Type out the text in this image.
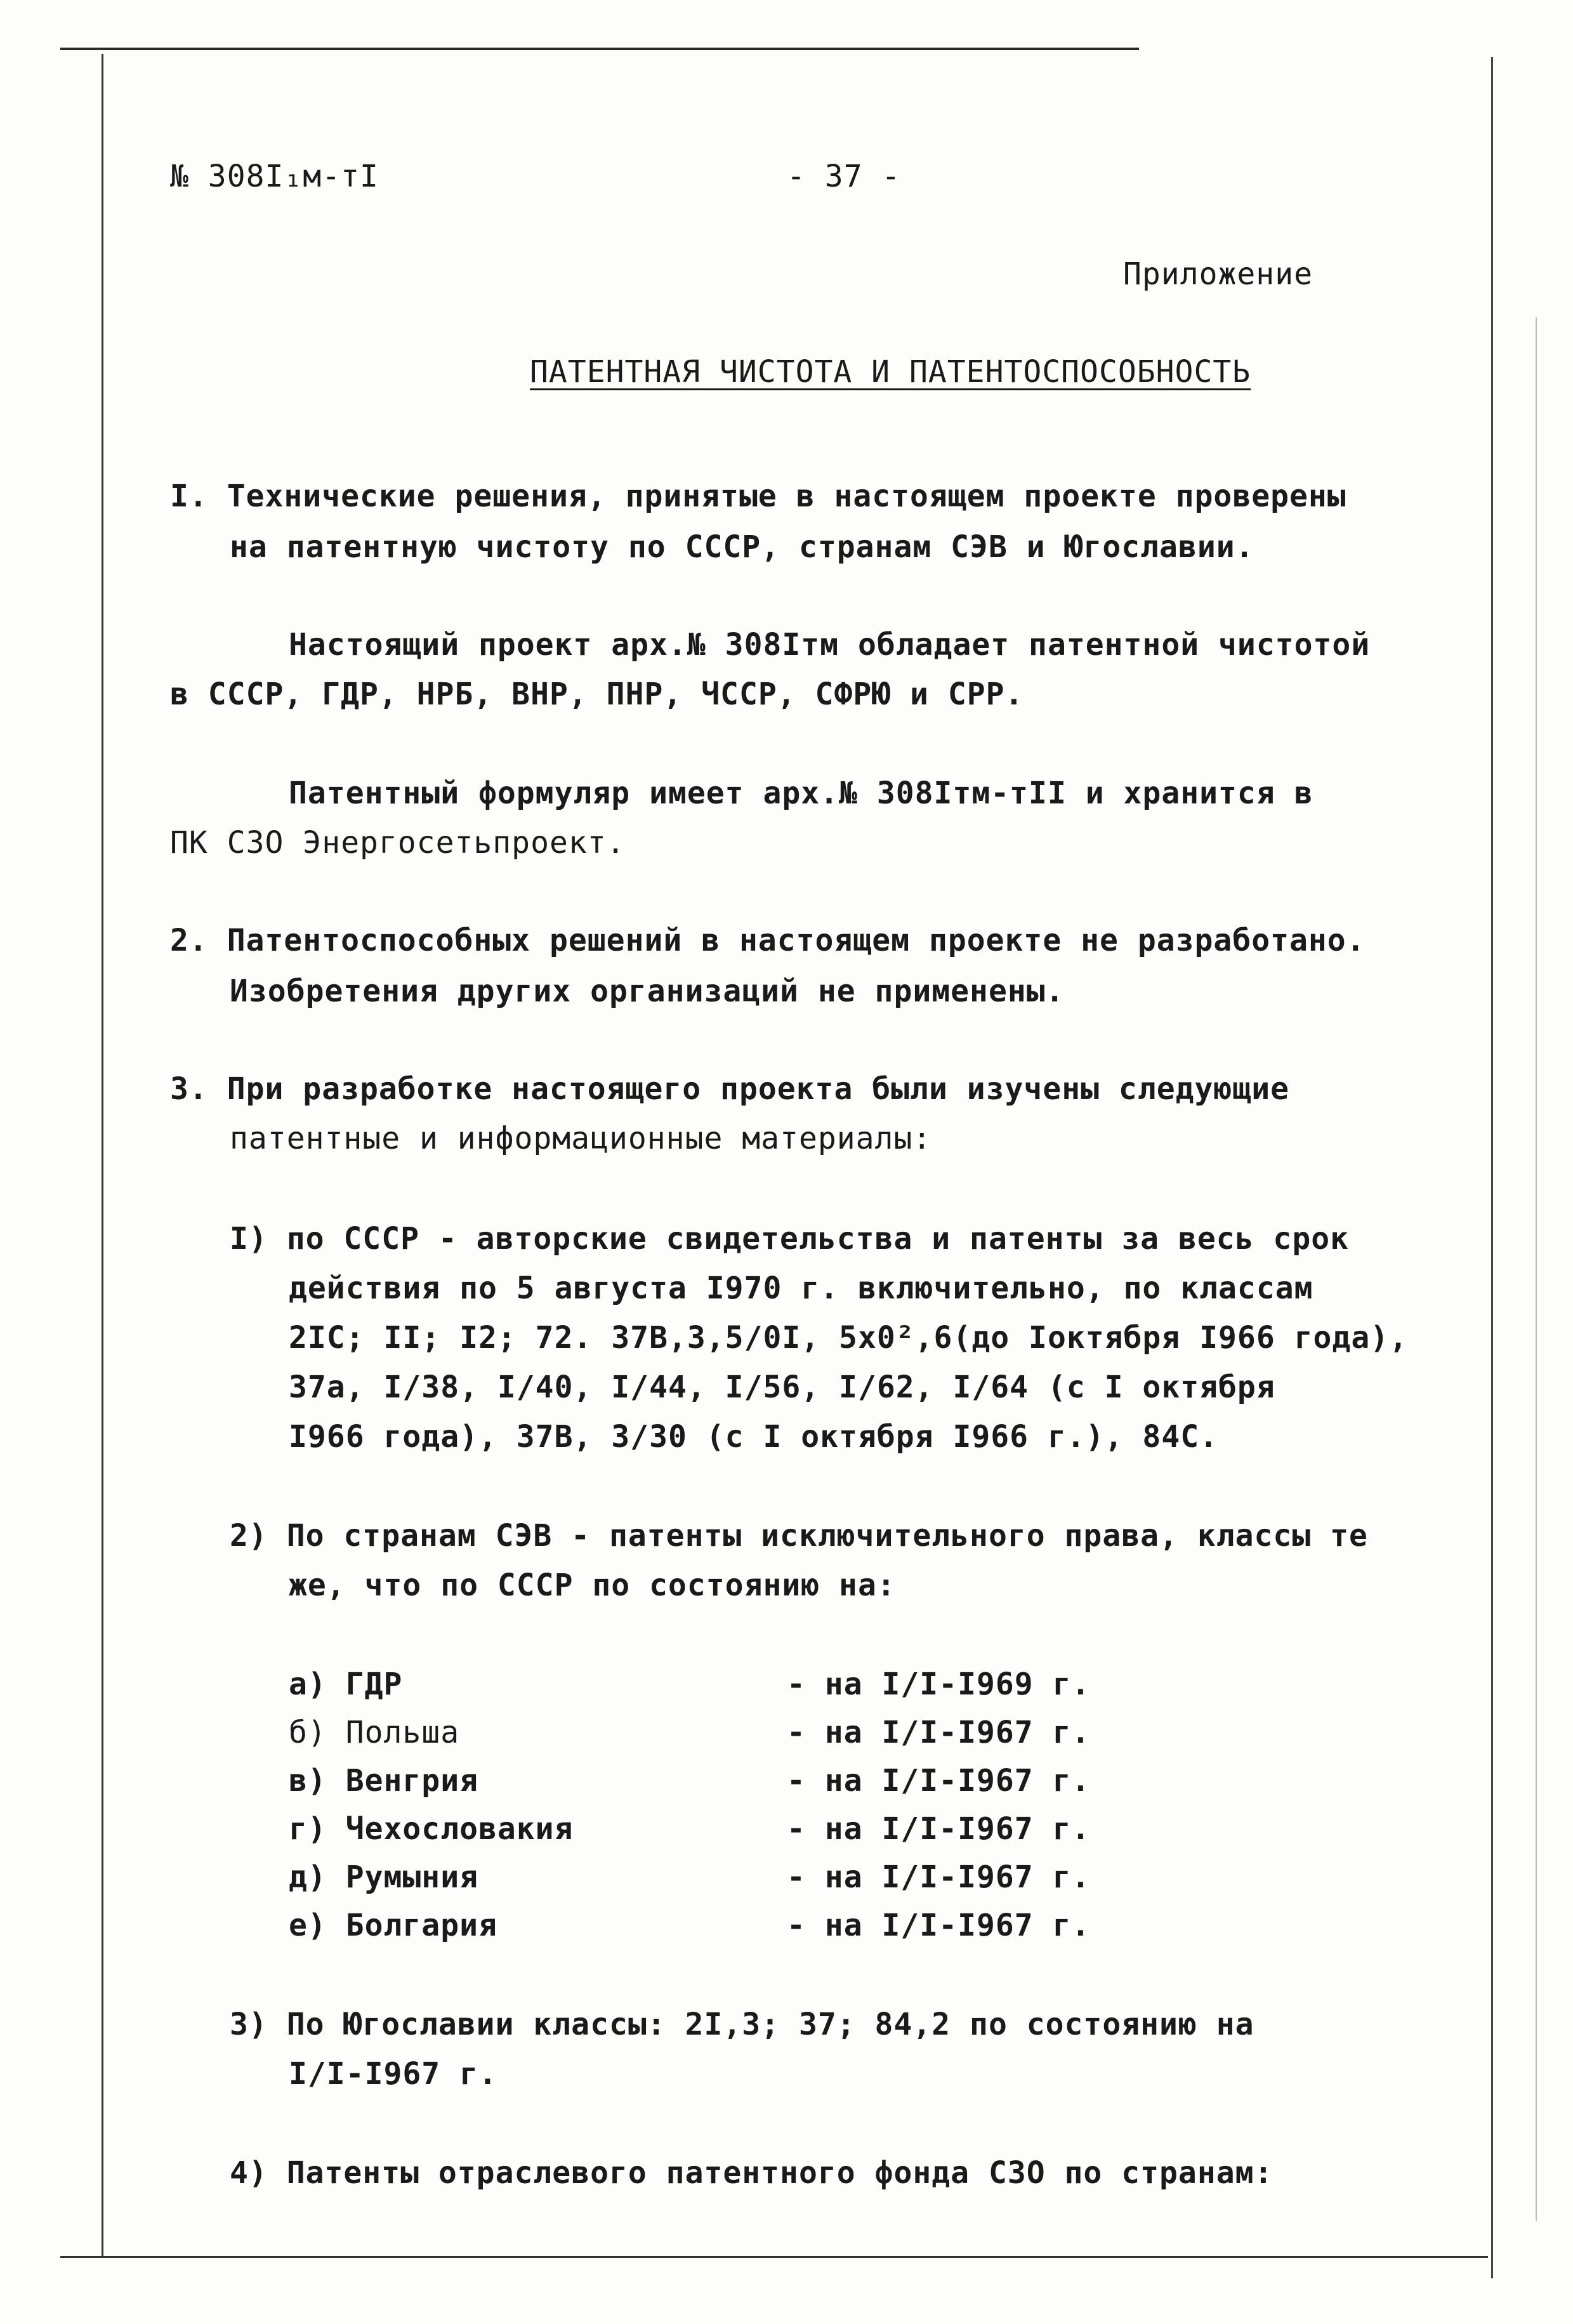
№ 308I₁м-тI	- 37 -
Приложение
ПАТЕНТНАЯ ЧИСТОТА И ПАТЕНТОСПОСОБНОСТЬ
I. Технические решения, принятые в настоящем проекте проверены
на патентную чистоту по СССР, странам СЭВ и Югославии.
Настоящий проект арх.№ 308Iтм обладает патентной чистотой
в СССР, ГДР, НРБ, ВНР, ПНР, ЧССР, СФРЮ и СРР.
Патентный формуляр имеет арх.№ 308Iтм-тII и хранится в
ПК СЗО Энергосетьпроект.
2. Патентоспособных решений в настоящем проекте не разработано.
Изобретения других организаций не применены.
3. При разработке настоящего проекта были изучены следующие
патентные и информационные материалы:
I) по СССР - авторские свидетельства и патенты за весь срок
действия по 5 августа I970 г. включительно, по классам
2IC; II; I2; 72. 37В,3,5/0I, 5х0²,6(до Iоктября I966 года),
37а, I/38, I/40, I/44, I/56, I/62, I/64 (с I октября
I966 года), 37В, 3/30 (с I октября I966 г.), 84С.
2) По странам СЭВ - патенты исключительного права, классы те
же, что по СССР по состоянию на:
а) ГДР	- на I/I-I969 г.
б) Польша	- на I/I-I967 г.
в) Венгрия	- на I/I-I967 г.
г) Чехословакия	- на I/I-I967 г.
д) Румыния	- на I/I-I967 г.
е) Болгария	- на I/I-I967 г.
3) По Югославии классы: 2I,3; 37; 84,2 по состоянию на
I/I-I967 г.
4) Патенты отраслевого патентного фонда СЗО по странам:
